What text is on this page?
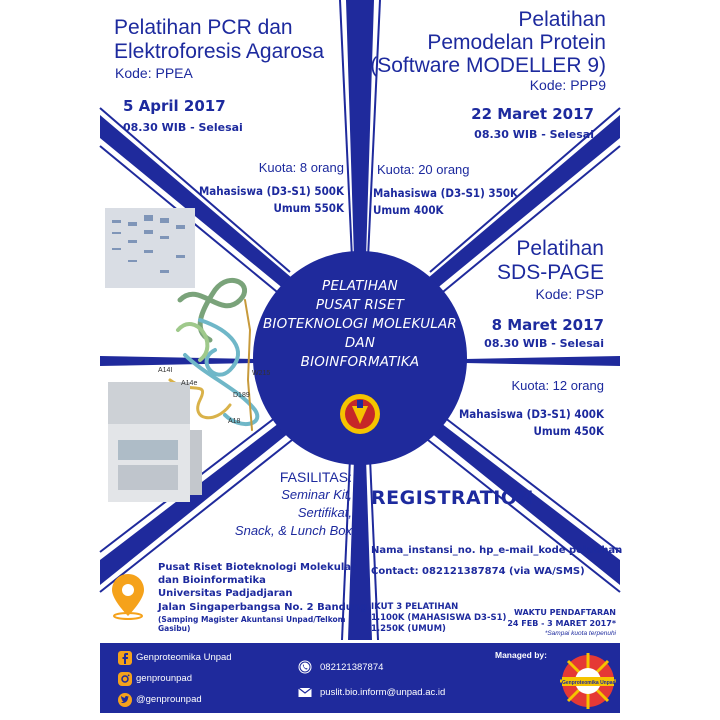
A14I
A14e
W215
D189
A18
Pelatihan PCR dan
Elektroforesis Agarosa
Kode: PPEA
5 April 2017
08.30 WIB - Selesai
Kuota: 8 orang
Mahasiswa (D3-S1) 500K
Umum 550K
Pelatihan
Pemodelan Protein
(Software MODELLER 9)
Kode: PPP9
22 Maret 2017
08.30 WIB - Selesai
Kuota: 20 orang
Mahasiswa (D3-S1) 350K
Umum 400K
Pelatihan
SDS-PAGE
Kode: PSP
8 Maret 2017
08.30 WIB - Selesai
Kuota: 12 orang
Mahasiswa (D3-S1) 400K
Umum 450K
PELATIHAN
PUSAT RISET
BIOTEKNOLOGI MOLEKULAR
DAN
BIOINFORMATIKA
FASILITAS:
Seminar Kit,
Sertifikat,
Snack, & Lunch Box
Pusat Riset Bioteknologi Molekular
dan Bioinformatika
Universitas Padjadjaran
Jalan Singaperbangsa No. 2 Bandung
(Samping Magister Akuntansi Unpad/Telkom Gasibu)
REGISTRATION
Nama_instansi_no. hp_e-mail_kode pelatihan
Contact: 082121387874 (via WA/SMS)
IKUT 3 PELATIHAN
1.100K (MAHASISWA D3-S1)
1.250K (UMUM)
WAKTU PENDAFTARAN
24 FEB - 3 MARET 2017*
*Sampai kuota terpenuhi
Genproteomika Unpad
genprounpad
@genprounpad
082121387874
puslit.bio.inform@unpad.ac.id
Managed by:
Genproteomika Unpad
